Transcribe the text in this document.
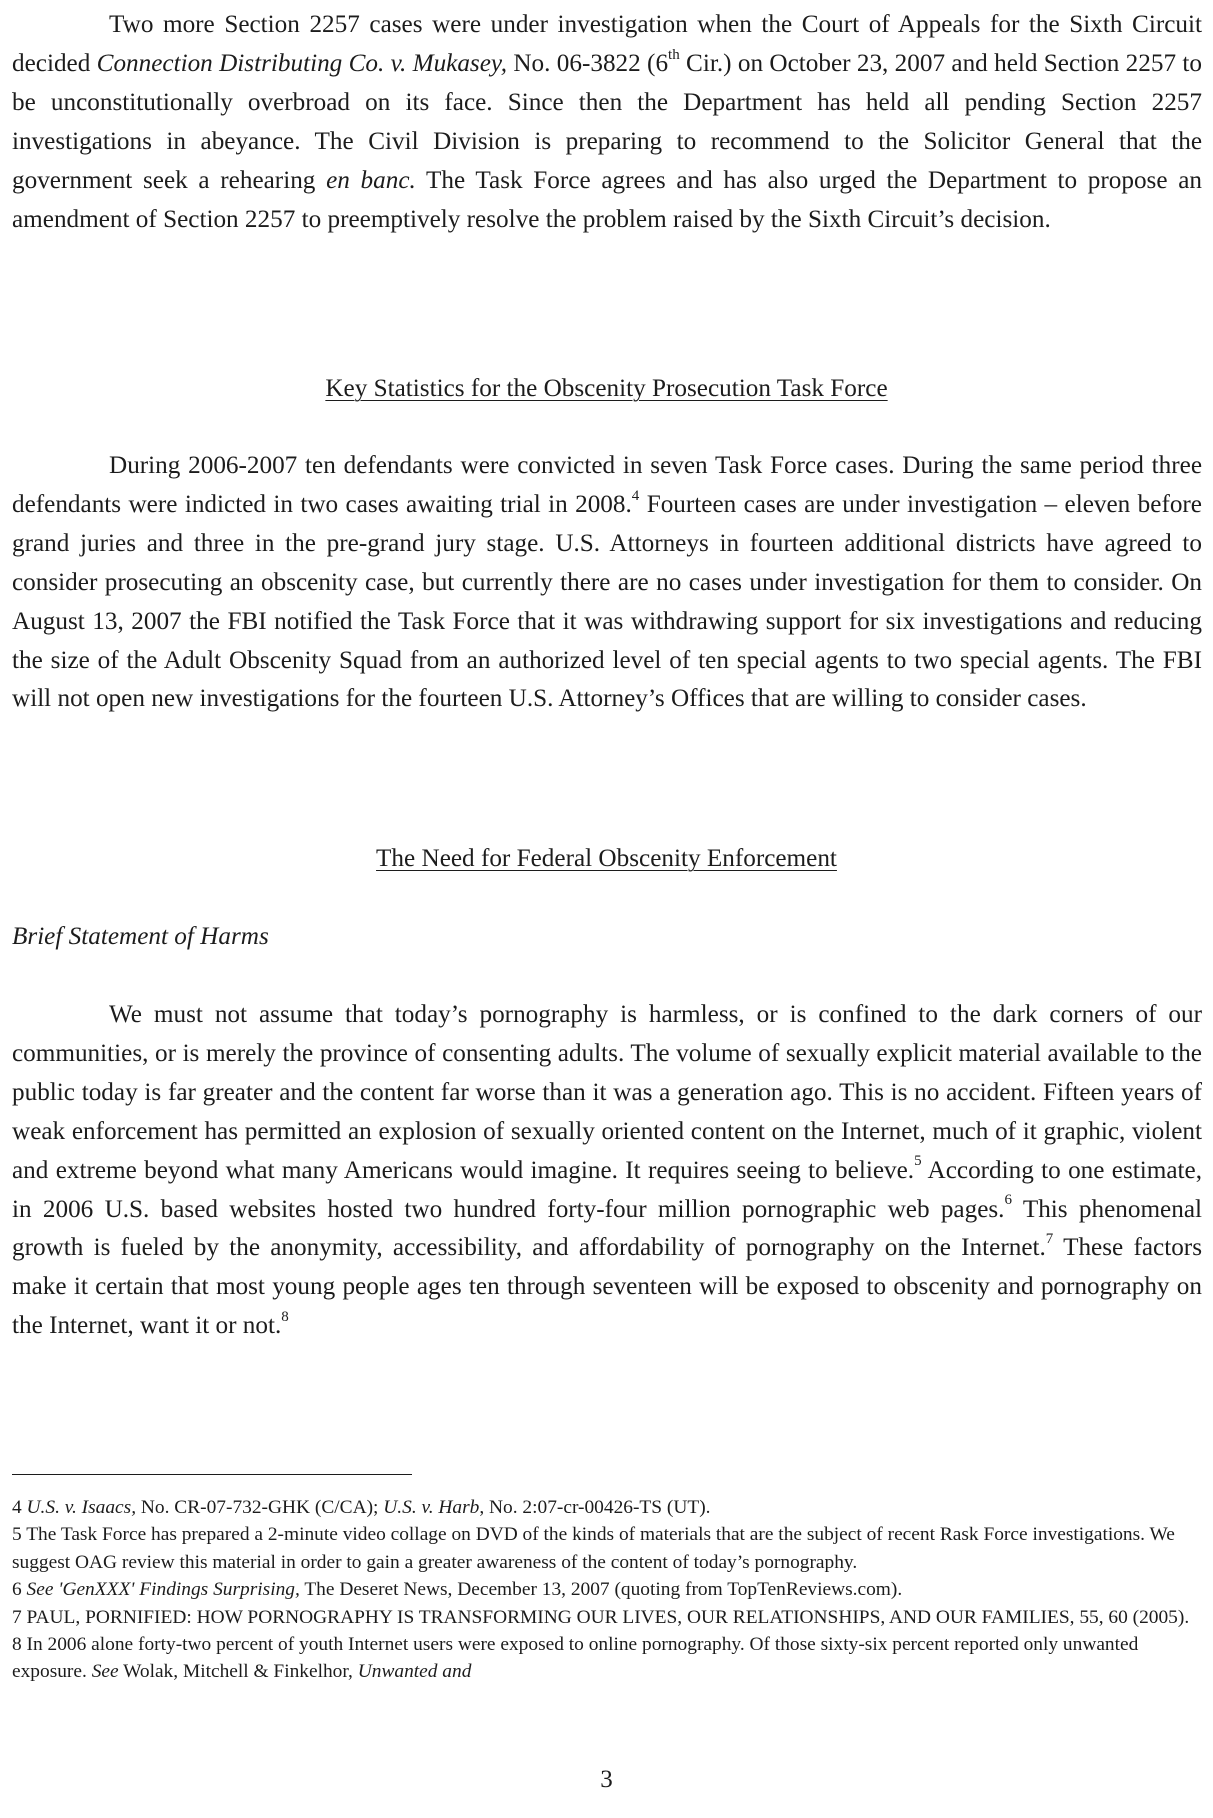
Two more Section 2257 cases were under investigation when the Court of Appeals for the Sixth Circuit decided Connection Distributing Co. v. Mukasey, No. 06-3822 (6th Cir.) on October 23, 2007 and held Section 2257 to be unconstitutionally overbroad on its face. Since then the Department has held all pending Section 2257 investigations in abeyance. The Civil Division is preparing to recommend to the Solicitor General that the government seek a rehearing en banc. The Task Force agrees and has also urged the Department to propose an amendment of Section 2257 to preemptively resolve the problem raised by the Sixth Circuit’s decision.

Key Statistics for the Obscenity Prosecution Task Force

During 2006-2007 ten defendants were convicted in seven Task Force cases. During the same period three defendants were indicted in two cases awaiting trial in 2008.$^4$ Fourteen cases are under investigation – eleven before grand juries and three in the pre-grand jury stage. U.S. Attorneys in fourteen additional districts have agreed to consider prosecuting an obscenity case, but currently there are no cases under investigation for them to consider. On August 13, 2007 the FBI notified the Task Force that it was withdrawing support for six investigations and reducing the size of the Adult Obscenity Squad from an authorized level of ten special agents to two special agents. The FBI will not open new investigations for the fourteen U.S. Attorney’s Offices that are willing to consider cases.

The Need for Federal Obscenity Enforcement

Brief Statement of Harms

We must not assume that today’s pornography is harmless, or is confined to the dark corners of our communities, or is merely the province of consenting adults. The volume of sexually explicit material available to the public today is far greater and the content far worse than it was a generation ago. This is no accident. Fifteen years of weak enforcement has permitted an explosion of sexually oriented content on the Internet, much of it graphic, violent and extreme beyond what many Americans would imagine. It requires seeing to believe.$^5$ According to one estimate, in 2006 U.S. based websites hosted two hundred forty-four million pornographic web pages.$^6$ This phenomenal growth is fueled by the anonymity, accessibility, and affordability of pornography on the Internet.$^7$ These factors make it certain that most young people ages ten through seventeen will be exposed to obscenity and pornography on the Internet, want it or not.$^8$

4 U.S. v. Isaacs, No. CR-07-732-GHK (C/CA); U.S. v. Harb, No. 2:07-cr-00426-TS (UT).

5 The Task Force has prepared a 2-minute video collage on DVD of the kinds of materials that are the subject of recent Rask Force investigations. We suggest OAG review this material in order to gain a greater awareness of the content of today’s pornography.

6 See 'GenXXX' Findings Surprising, The Deseret News, December 13, 2007 (quoting from TopTenReviews.com).

7 PAUL, PORNIFIED: HOW PORNOGRAPHY IS TRANSFORMING OUR LIVES, OUR RELATIONSHIPS, AND OUR FAMILIES, 55, 60 (2005).

8 In 2006 alone forty-two percent of youth Internet users were exposed to online pornography. Of those sixty-six percent reported only unwanted exposure. See Wolak, Mitchell & Finkelhor, Unwanted and

3
